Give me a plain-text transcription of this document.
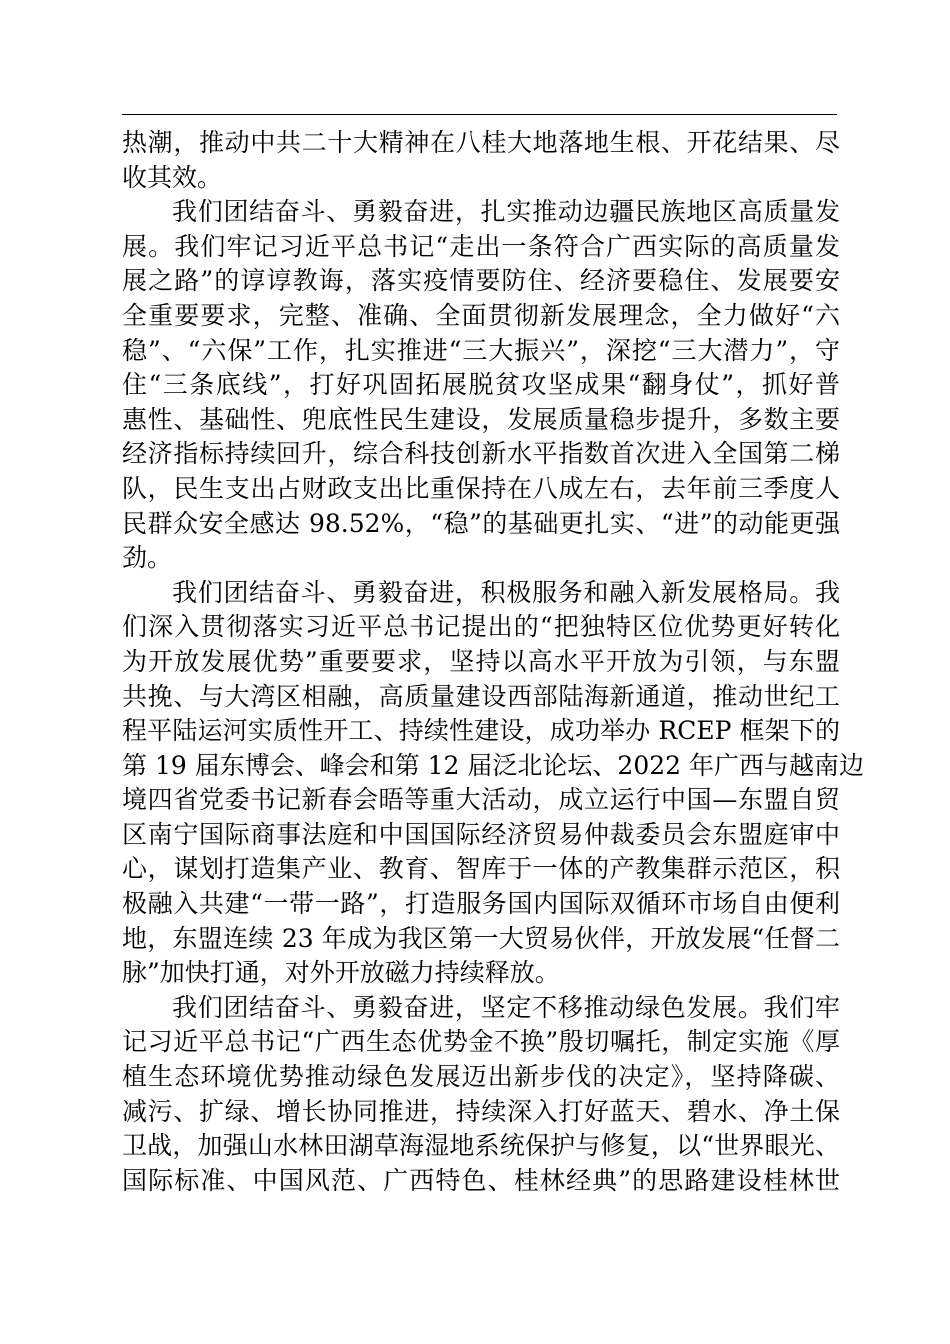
热潮，推动中共二十大精神在八桂大地落地生根、开花结果、尽
收其效。
我们团结奋斗、勇毅奋进，扎实推动边疆民族地区高质量发
展。我们牢记习近平总书记“走出一条符合广西实际的高质量发
展之路”的谆谆教诲，落实疫情要防住、经济要稳住、发展要安
全重要要求，完整、准确、全面贯彻新发展理念，全力做好“六
稳”、“六保”工作，扎实推进“三大振兴”，深挖“三大潜力”，守
住“三条底线”，打好巩固拓展脱贫攻坚成果“翻身仗”，抓好普
惠性、基础性、兜底性民生建设，发展质量稳步提升，多数主要
经济指标持续回升，综合科技创新水平指数首次进入全国第二梯
队，民生支出占财政支出比重保持在八成左右，去年前三季度人
民群众安全感达 98.52%，“稳”的基础更扎实、“进”的动能更强
劲。
我们团结奋斗、勇毅奋进，积极服务和融入新发展格局。我
们深入贯彻落实习近平总书记提出的“把独特区位优势更好转化
为开放发展优势”重要要求，坚持以高水平开放为引领，与东盟
共挽、与大湾区相融，高质量建设西部陆海新通道，推动世纪工
程平陆运河实质性开工、持续性建设，成功举办 RCEP 框架下的
第 19 届东博会、峰会和第 12 届泛北论坛、2022 年广西与越南边
境四省党委书记新春会晤等重大活动，成立运行中国—东盟自贸
区南宁国际商事法庭和中国国际经济贸易仲裁委员会东盟庭审中
心，谋划打造集产业、教育、智库于一体的产教集群示范区，积
极融入共建“一带一路”，打造服务国内国际双循环市场自由便利
地，东盟连续 23 年成为我区第一大贸易伙伴，开放发展“任督二
脉”加快打通，对外开放磁力持续释放。
我们团结奋斗、勇毅奋进，坚定不移推动绿色发展。我们牢
记习近平总书记“广西生态优势金不换”殷切嘱托，制定实施《厚
植生态环境优势推动绿色发展迈出新步伐的决定》，坚持降碳、
减污、扩绿、增长协同推进，持续深入打好蓝天、碧水、净土保
卫战，加强山水林田湖草海湿地系统保护与修复，以“世界眼光、
国际标准、中国风范、广西特色、桂林经典”的思路建设桂林世
